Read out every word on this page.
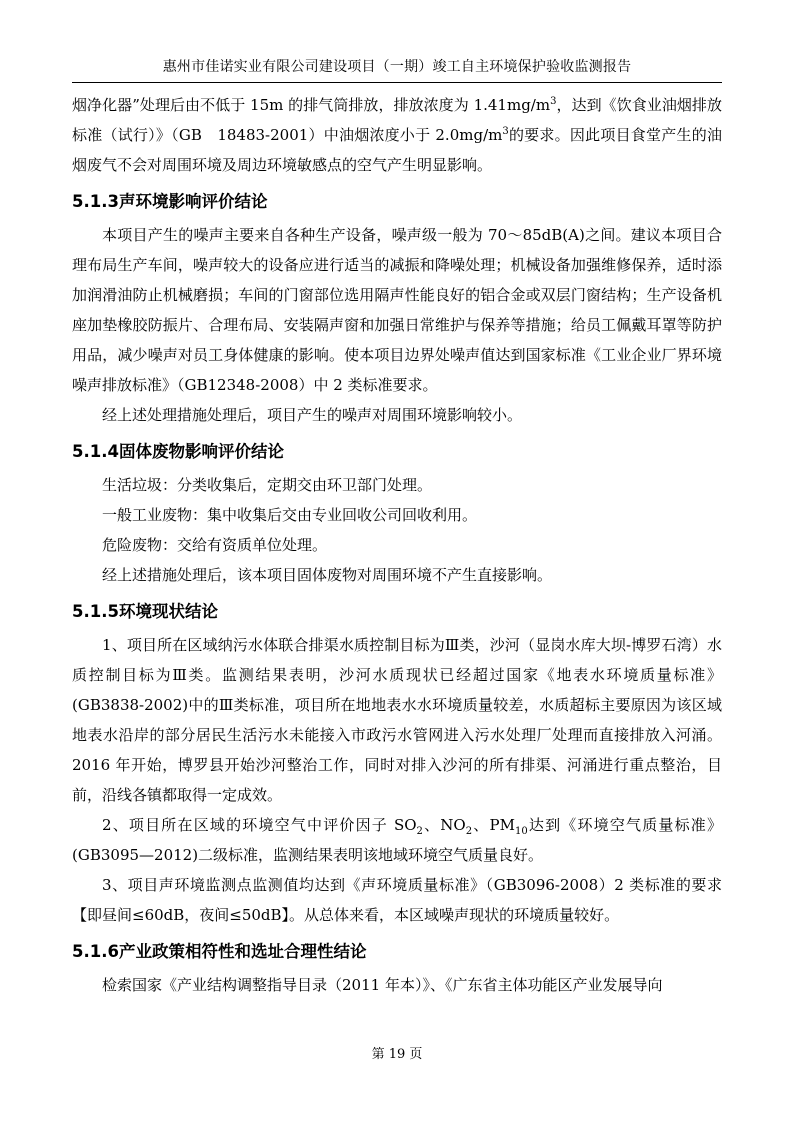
惠州市佳诺实业有限公司建设项目（一期）竣工自主环境保护验收监测报告

烟净化器”处理后由不低于 15m 的排气筒排放，排放浓度为 $1.41mg/m^3$，达到《饮食业油烟排放标准（试行）》（GB　18483-2001）中油烟浓度小于 $2.0mg/m^3$的要求。因此项目食堂产生的油烟废气不会对周围环境及周边环境敏感点的空气产生明显影响。

5.1.3声环境影响评价结论

本项目产生的噪声主要来自各种生产设备，噪声级一般为 70～85dB(A)之间。建议本项目合理布局生产车间，噪声较大的设备应进行适当的减振和降噪处理；机械设备加强维修保养，适时添加润滑油防止机械磨损；车间的门窗部位选用隔声性能良好的铝合金或双层门窗结构；生产设备机座加垫橡胶防振片、合理布局、安装隔声窗和加强日常维护与保养等措施；给员工佩戴耳罩等防护用品，减少噪声对员工身体健康的影响。使本项目边界处噪声值达到国家标准《工业企业厂界环境噪声排放标准》（GB12348-2008）中 2 类标准要求。

经上述处理措施处理后，项目产生的噪声对周围环境影响较小。

5.1.4固体废物影响评价结论

生活垃圾：分类收集后，定期交由环卫部门处理。

一般工业废物：集中收集后交由专业回收公司回收利用。

危险废物：交给有资质单位处理。

经上述措施处理后，该本项目固体废物对周围环境不产生直接影响。

5.1.5环境现状结论

1、项目所在区域纳污水体联合排渠水质控制目标为Ⅲ类，沙河（显岗水库大坝-博罗石湾）水质控制目标为Ⅲ类。监测结果表明，沙河水质现状已经超过国家《地表水环境质量标准》(GB3838-2002)中的Ⅲ类标准，项目所在地地表水水环境质量较差，水质超标主要原因为该区域地表水沿岸的部分居民生活污水未能接入市政污水管网进入污水处理厂处理而直接排放入河涌。2016 年开始，博罗县开始沙河整治工作，同时对排入沙河的所有排渠、河涌进行重点整治，目前，沿线各镇都取得一定成效。

2、项目所在区域的环境空气中评价因子 $SO_2$、$NO_2$、$PM_{10}$达到《环境空气质量标准》(GB3095—2012)二级标准，监测结果表明该地域环境空气质量良好。

3、项目声环境监测点监测值均达到《声环境质量标准》（GB3096-2008）2 类标准的要求【即昼间≤60dB，夜间≤50dB】。从总体来看，本区域噪声现状的环境质量较好。

5.1.6产业政策相符性和选址合理性结论

检索国家《产业结构调整指导目录（2011 年本）》、《广东省主体功能区产业发展导向

第 19 页
